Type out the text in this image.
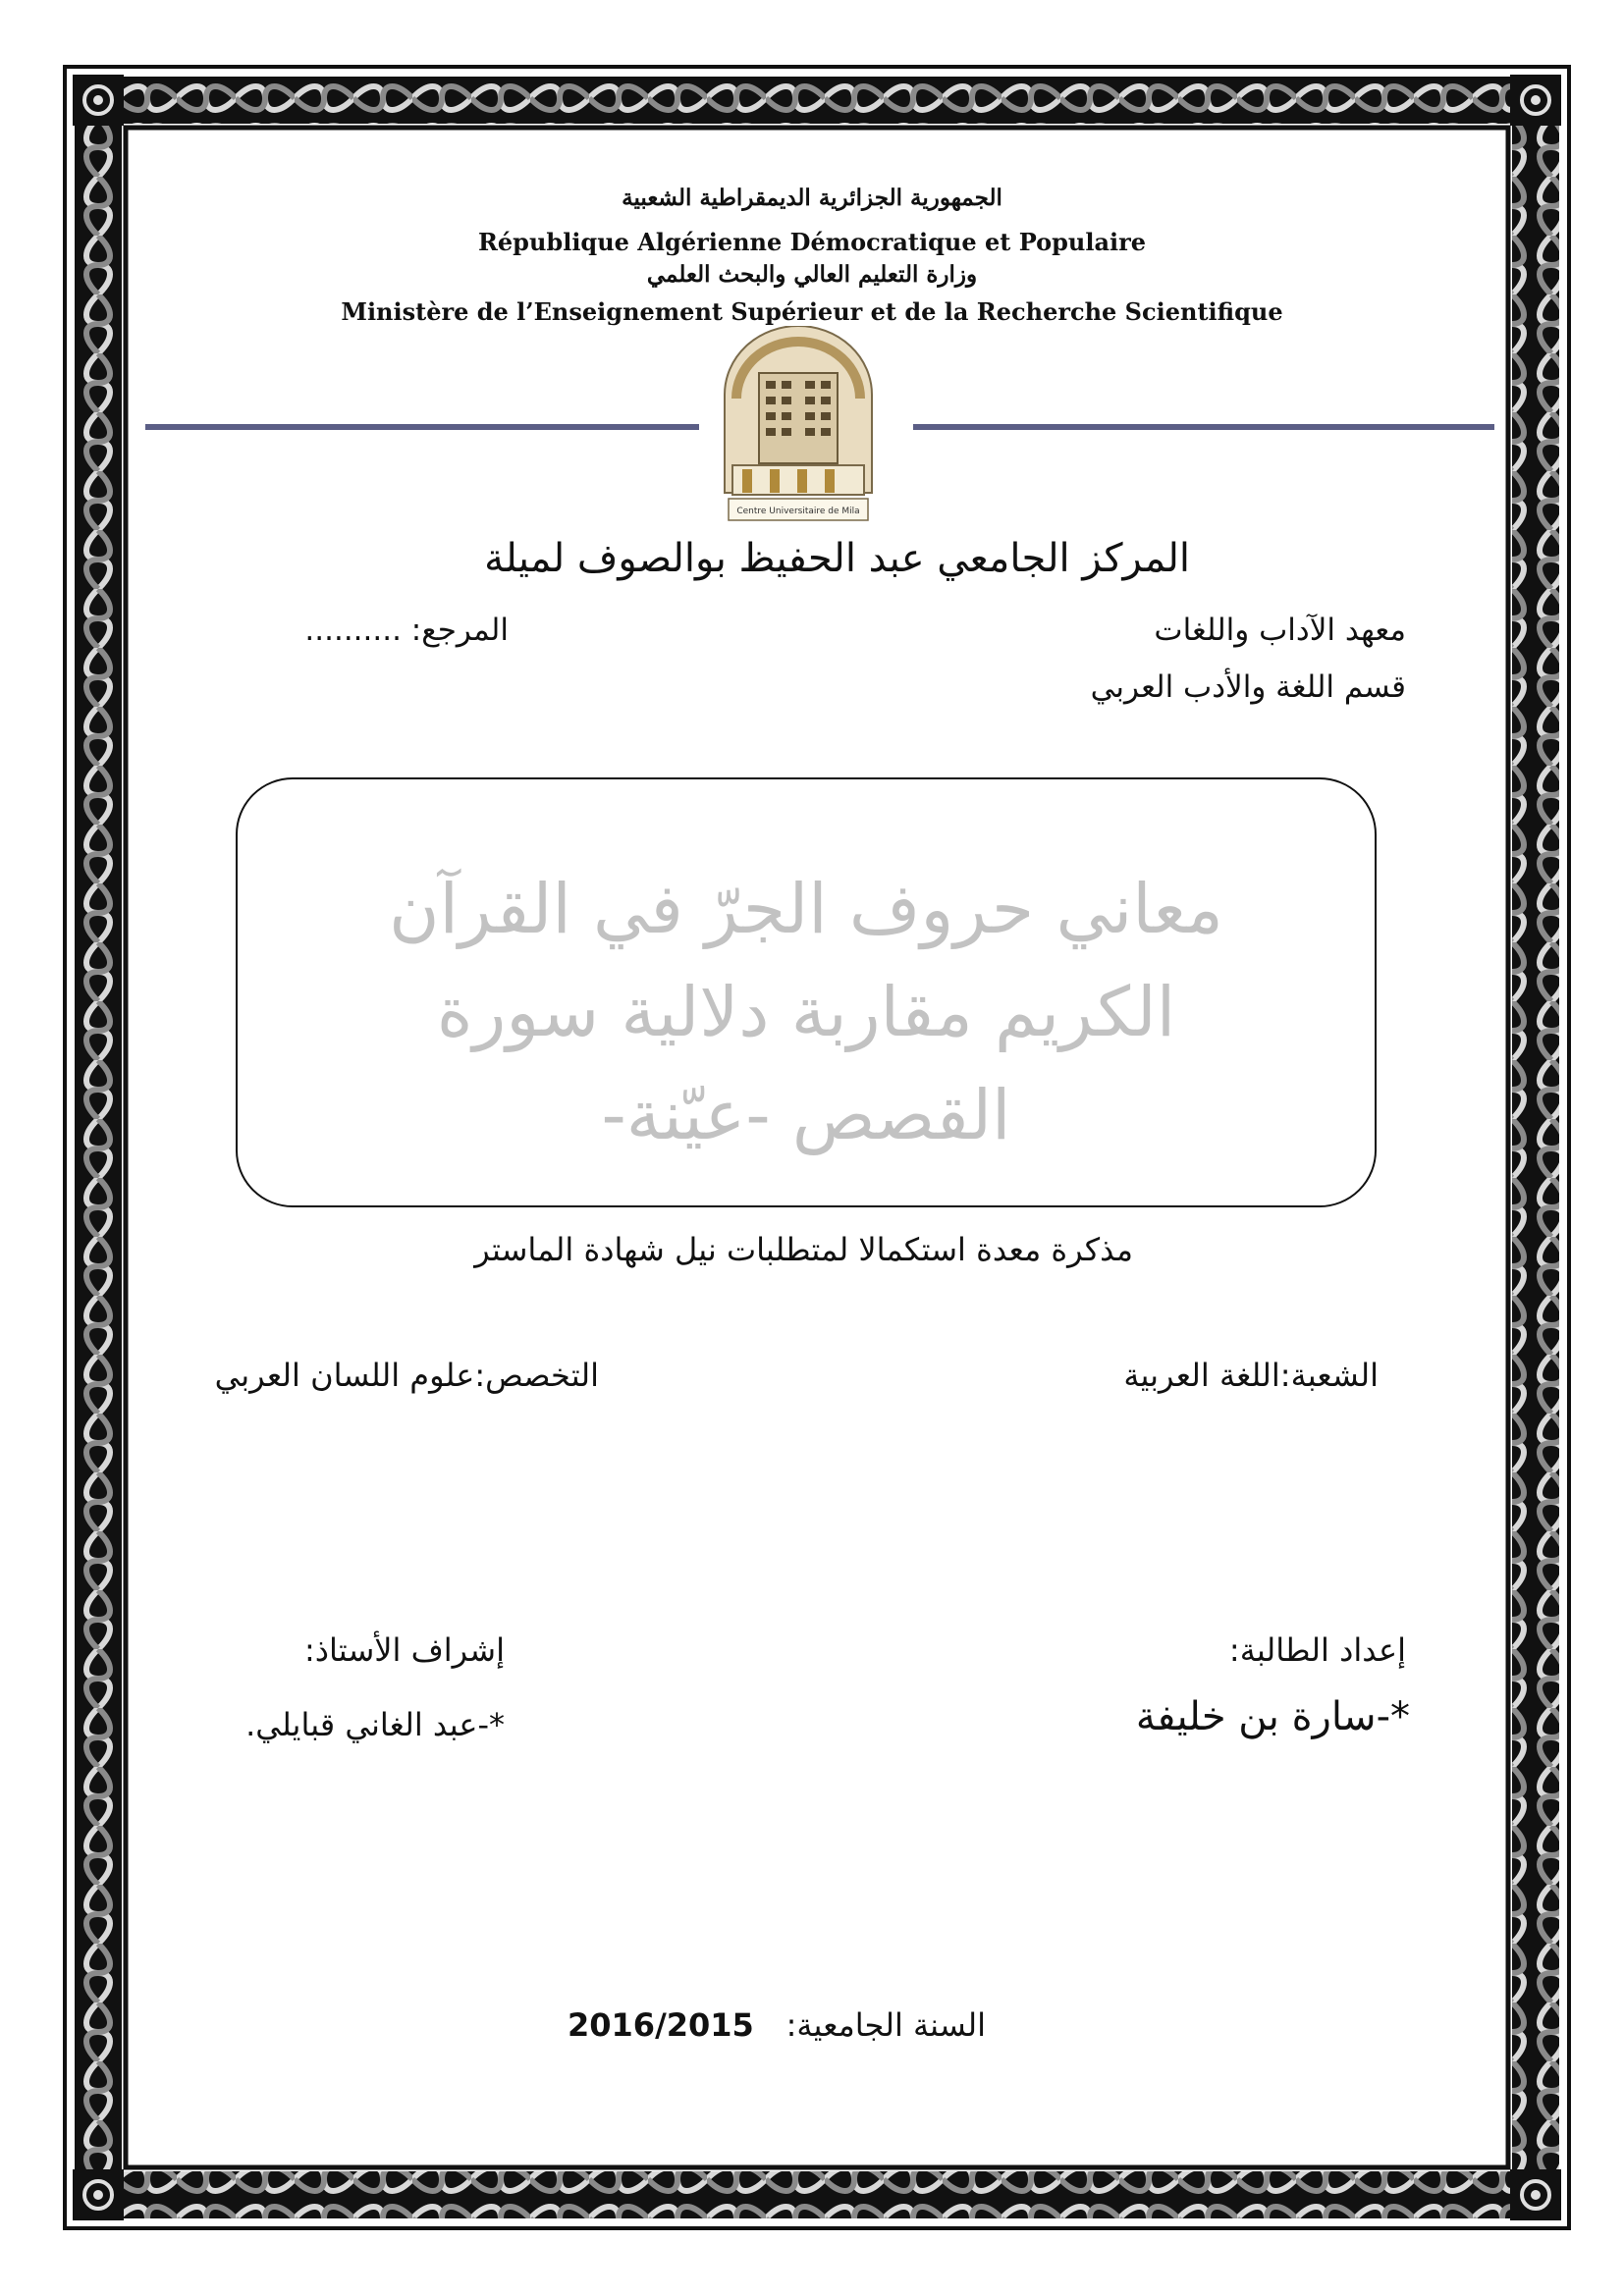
الجمهورية الجزائرية الديمقراطية الشعبية
République Algérienne Démocratique et Populaire
وزارة التعليم العالي والبحث العلمي
Ministère de l’Enseignement Supérieur et de la Recherche Scientifique
Centre Universitaire de Mila
المركز الجامعي عبد الحفيظ بوالصوف لميلة
معهد الآداب واللغات
المرجع: ..........
قسم اللغة والأدب العربي
معاني حروف الجرّ في القرآن
الكريم مقاربة دلالية سورة
القصص -عيّنة-
مذكرة معدة استكمالا لمتطلبات نيل شهادة الماستر
الشعبة:اللغة العربية
التخصص:علوم اللسان العربي
إعداد الطالبة:
*-سارة بن خليفة
إشراف الأستاذ:
*-عبد الغاني قبايلي.
السنة الجامعية:
2016/2015
